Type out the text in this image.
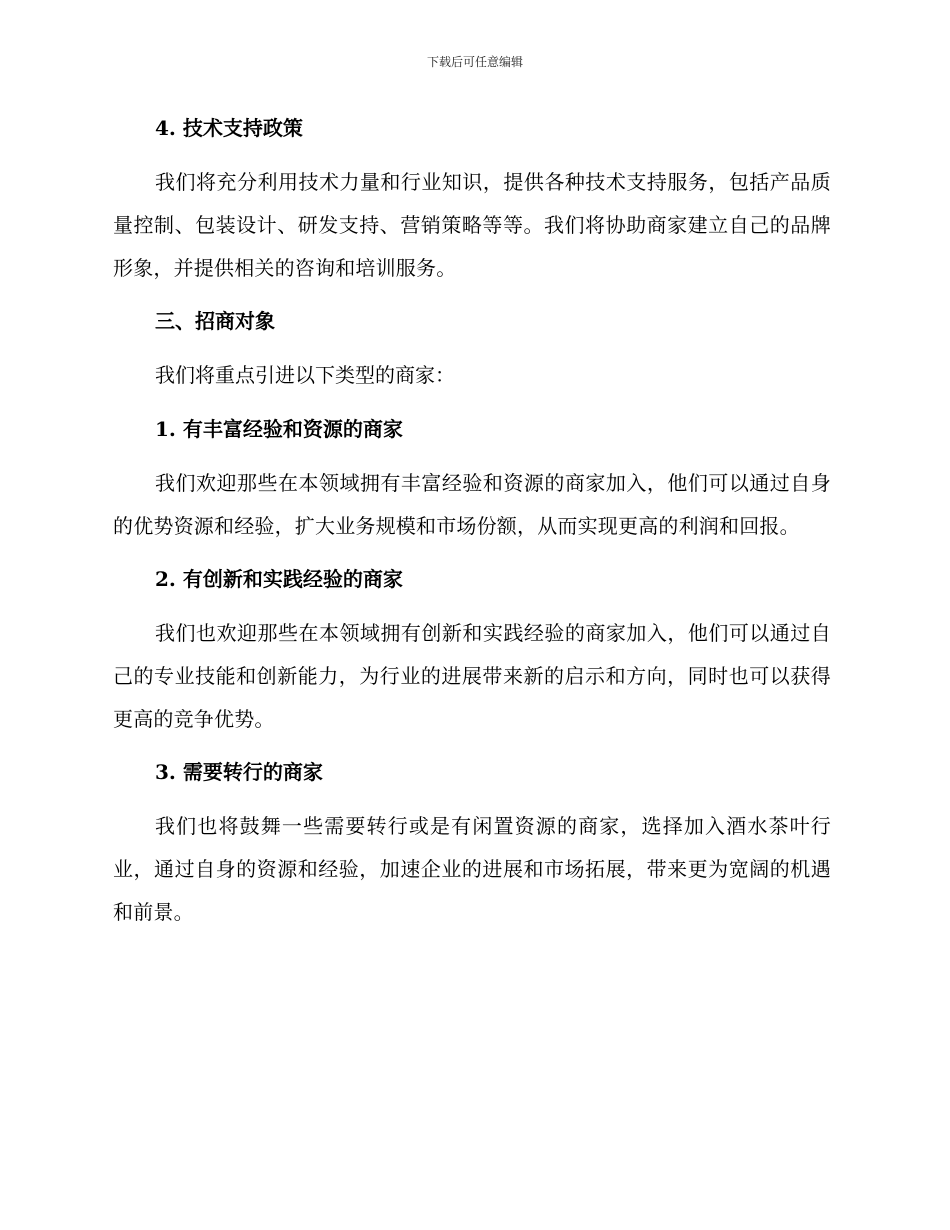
下载后可任意编辑
4. 技术支持政策

我们将充分利用技术力量和行业知识，提供各种技术支持服务，包括产品质量控制、包装设计、研发支持、营销策略等等。我们将协助商家建立自己的品牌形象，并提供相关的咨询和培训服务。

三、招商对象
我们将重点引进以下类型的商家：
1. 有丰富经验和资源的商家

我们欢迎那些在本领域拥有丰富经验和资源的商家加入，他们可以通过自身的优势资源和经验，扩大业务规模和市场份额，从而实现更高的利润和回报。

2. 有创新和实践经验的商家

我们也欢迎那些在本领域拥有创新和实践经验的商家加入，他们可以通过自己的专业技能和创新能力，为行业的进展带来新的启示和方向，同时也可以获得更高的竞争优势。

3. 需要转行的商家

我们也将鼓舞一些需要转行或是有闲置资源的商家，选择加入酒水茶叶行业，通过自身的资源和经验，加速企业的进展和市场拓展，带来更为宽阔的机遇和前景。
